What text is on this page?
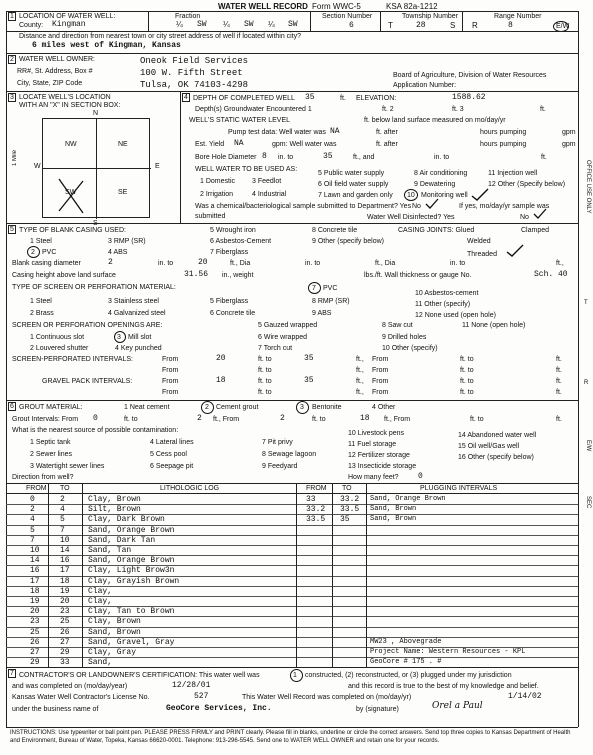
WATER WELL RECORD Form WWC-5	KSA 82a-1212
1 LOCATION OF WATER WELL:
County: Kingman
Fraction
¼ SW ¼ SW ¼ SW
Section Number
6
Township Number
T	28	S
Range Number
R	8	E/W
Distance and direction from nearest town or city street address of well if located within city?
6 miles west of Kingman, Kansas
2 WATER WELL OWNER:
RR#, St. Address, Box #
City, State, ZIP Code
Oneok Field Services
100 W. Fifth Street
Tulsa, OK 74103-4298
Board of Agriculture, Division of Water Resources
Application Number:
3 LOCATE WELL'S LOCATION
WITH AN "X" IN SECTION BOX:
NW	NE
SW	SE
N
S
W	E
1 Mile
4 DEPTH OF COMPLETED WELL 35	ft. ELEVATION:	1588.62
Depth(s) Groundwater Encountered 1	ft. 2	ft. 3	ft.
WELL'S STATIC WATER LEVEL	ft. below land surface measured on mo/day/yr
Pump test data: Well water was NA	ft. after	hours pumping	gpm
Est. Yield NA	gpm: Well water was	ft. after	hours pumping	gpm
Bore Hole Diameter 8 in. to	35	ft., and	in. to	ft.
WELL WATER TO BE USED AS:
1 Domestic 3 Feedlot
5 Public water supply	8 Air conditioning	11 Injection well
6 Oil field water supply	9 Dewatering	12 Other (Specify below)
2 Irrigation	4 Industrial	7 Lawn and garden only 10 Monitoring well
Was a chemical/bacteriological sample submitted to Department? Yes No	If yes, mo/day/yr sample was
submitted	Water Well Disinfected? Yes	No
5 TYPE OF BLANK CASING USED:	5 Wrought iron	8 Concrete tile	CASING JOINTS: Glued	Clamped
1 Steel	3 RMP (SR)	6 Asbestos-Cement	9 Other (specify below)	Welded
2 PVC	4 ABS	7 Fiberglass	Threaded
Blank casing diameter	2	in. to	20	ft., Dia	in. to	ft., Dia	in. to	ft.,
Casing height above land surface	31.56 in., weight	lbs./ft. Wall thickness or gauge No.	Sch. 40
TYPE OF SCREEN OR PERFORATION MATERIAL:	7 PVC
10 Asbestos-cement
1 Steel	3 Stainless steel	5 Fiberglass	8 RMP (SR)	11 Other (specify)
2 Brass	4 Galvanized steel	6 Concrete tile	9 ABS	12 None used (open hole)
SCREEN OR PERFORATION OPENINGS ARE:	5 Gauzed wrapped	8 Saw cut	11 None (open hole)
1 Continuous slot	3 Mill slot	6 Wire wrapped	9 Drilled holes
2 Louvered shutter	4 Key punched	7 Torch cut	10 Other (specify)
SCREEN-PERFORATED INTERVALS:	From	20	ft. to	35	ft., From	ft. to	ft.
From	ft. to	ft., From	ft. to	ft.
GRAVEL PACK INTERVALS:	From	18	ft. to	35	ft., From	ft. to	ft.
From	ft. to	ft., From	ft. to	ft.
6 GROUT MATERIAL:	1 Neat cement	2 Cement grout	3 Bentonite	4 Other
Grout Intervals: From 0	ft. to	2 ft., From	2	ft. to	18 ft., From	ft. to	ft.
What is the nearest source of possible contamination:
1 Septic tank	4 Lateral lines	7 Pit privy
10 Livestock pens	14 Abandoned water well
2 Sewer lines	5 Cess pool	8 Sewage lagoon
11 Fuel storage	15 Oil well/Gas well
3 Watertight sewer lines	6 Seepage pit	9 Feedyard
12 Fertilizer storage	16 Other (specify below)
13 Insecticide storage
Direction from well?	How many feet? 0
FROM TO	LITHOLOGIC LOG	FROM TO	PLUGGING INTERVALS
0	2	Clay, Brown	33	33.2 Sand, Orange Brown
2	4	Silt, Brown	33.2 33.5 Sand, Brown
4	5	Clay, Dark Brown	33.5 35	Sand, Brown
5	7	Sand, Orange Brown
7	10 Sand, Dark Tan
10	14 Sand, Tan
14	16 Sand, Orange Brown
16	17 Clay, Light Brow3n
17	18 Clay, Grayish Brown
18	19 Clay,
19	20 Clay,
20	23 Clay, Tan to Brown
23	25 Clay, Brown
25	26 Sand, Brown
26	27 Sand, Gravel, Gray	MW23 , Abovegrade
27	29 Clay, Gray	Project Name: Western Resources - KPL
29	33 Sand,	GeoCore # 175 . #
7 CONTRACTOR'S OR LANDOWNER'S CERTIFICATION: This water well was	1 constructed, (2) reconstructed, or (3) plugged under my jurisdiction
and was completed on (mo/day/year)	12/28/01	and this record is true to the best of my knowledge and belief.
Kansas Water Well Contractor's License No.	527	This Water Well Record was completed on (mo/day/yr)	1/14/02
under the business name of	GeoCore Services, Inc.	by (signature)	Orel a Paul
INSTRUCTIONS: Use typewriter or ball point pen. PLEASE PRESS FIRMLY and PRINT clearly. Please fill in blanks, underline or circle the correct answers. Send top three copies to Kansas Department of Health and Environment, Bureau of Water, Topeka, Kansas 66620-0001. Telephone: 913-296-5545. Send one to WATER WELL OWNER and retain one for your records.
OFFICE USE ONLY
T
R
E/W
SEC
